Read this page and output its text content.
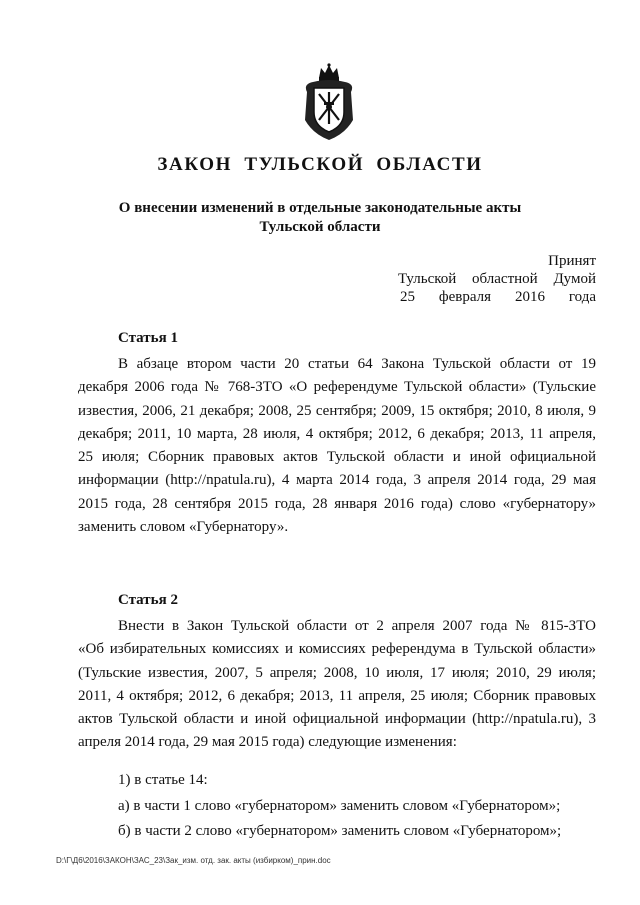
ЗАКОН ТУЛЬСКОЙ ОБЛАСТИ
О внесении изменений в отдельные законодательные акты
Тульской области
Принят
Тульской областной Думой
25 февраля 2016 года
Статья 1
В абзаце втором части 20 статьи 64 Закона Тульской области от 19
декабря 2006 года № 768-ЗТО «О референдуме Тульской области» (Тульские
известия, 2006, 21 декабря; 2008, 25 сентября; 2009, 15 октября; 2010, 8 июля, 9
декабря; 2011, 10 марта, 28 июля, 4 октября; 2012, 6 декабря; 2013, 11 апреля,
25 июля; Сборник правовых актов Тульской области и иной официальной
информации (http://npatula.ru), 4 марта 2014 года, 3 апреля 2014 года, 29 мая
2015 года, 28 сентября 2015 года, 28 января 2016 года) слово «губернатору»
заменить словом «Губернатору».
Статья 2
Внести в Закон Тульской области от 2 апреля 2007 года № 815-ЗТО
«Об избирательных комиссиях и комиссиях референдума в Тульской области»
(Тульские известия, 2007, 5 апреля; 2008, 10 июля, 17 июля; 2010, 29 июля;
2011, 4 октября; 2012, 6 декабря; 2013, 11 апреля, 25 июля; Сборник правовых
актов Тульской области и иной официальной информации (http://npatula.ru), 3
апреля 2014 года, 29 мая 2015 года) следующие изменения:
1) в статье 14:
а) в части 1 слово «губернатором» заменить словом «Губернатором»;
б) в части 2 слово «губернатором» заменить словом «Губернатором»;
D:\Г\Д6\2016\ЗАКОН\ЗАС_23\Зак_изм. отд. зак. акты (избирком)_прин.doc
